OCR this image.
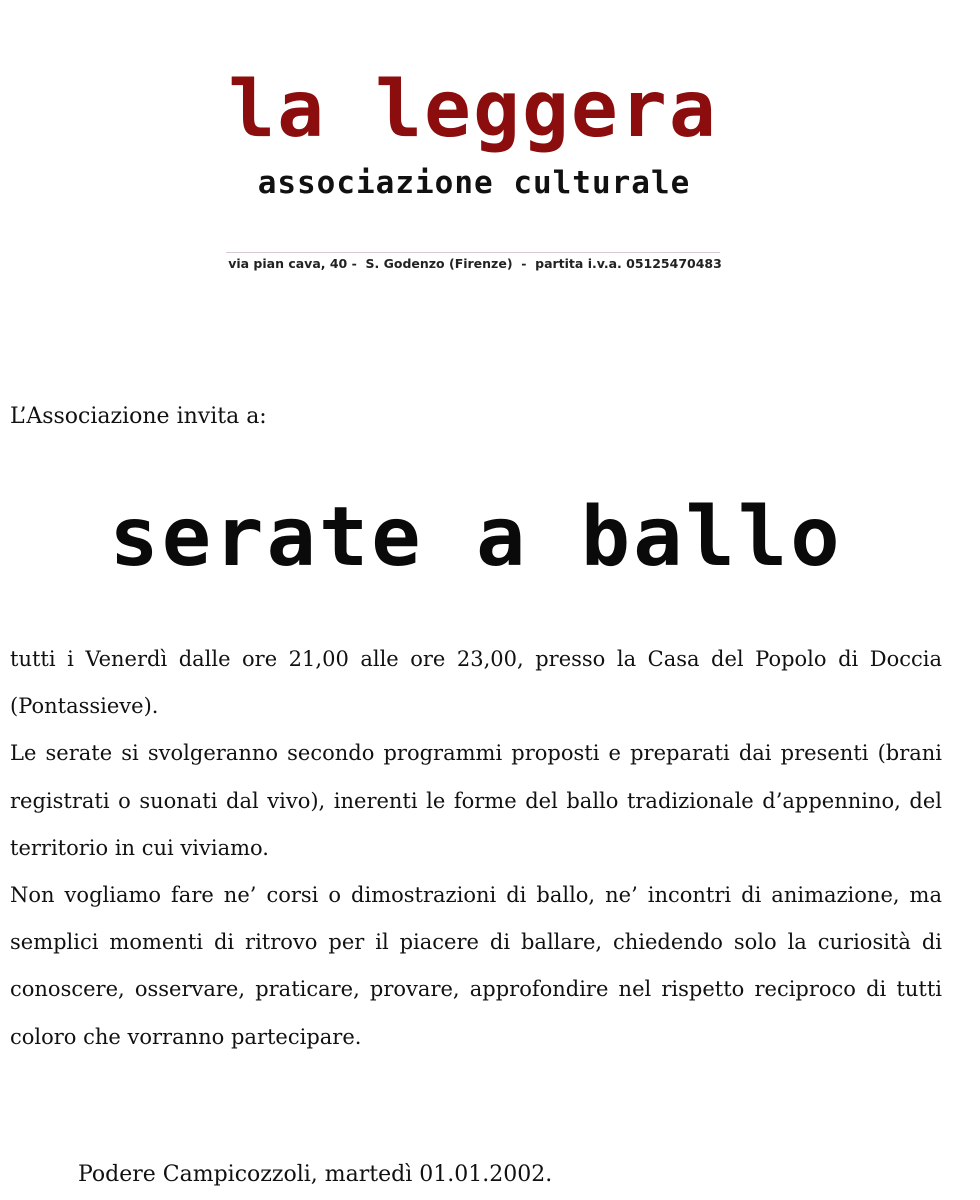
la leggera
associazione culturale
via pian cava, 40 -  S. Godenzo (Firenze)  -  partita i.v.a. 05125470483
L’Associazione invita a:
serate a ballo

tutti i Venerdì dalle ore 21,00 alle ore 23,00, presso la Casa del Popolo di Doccia (Pontassieve).

Le serate si svolgeranno secondo programmi proposti e preparati dai presenti (brani registrati o suonati dal vivo), inerenti le forme del ballo tradizionale d’appennino, del territorio in cui viviamo.

Non vogliamo fare ne’ corsi o dimostrazioni di ballo, ne’ incontri di animazione, ma semplici momenti di ritrovo per il piacere di ballare, chiedendo solo la curiosità di conoscere, osservare, praticare, provare, approfondire nel rispetto reciproco di tutti coloro che vorranno partecipare.

Podere Campicozzoli, martedì 01.01.2002.
